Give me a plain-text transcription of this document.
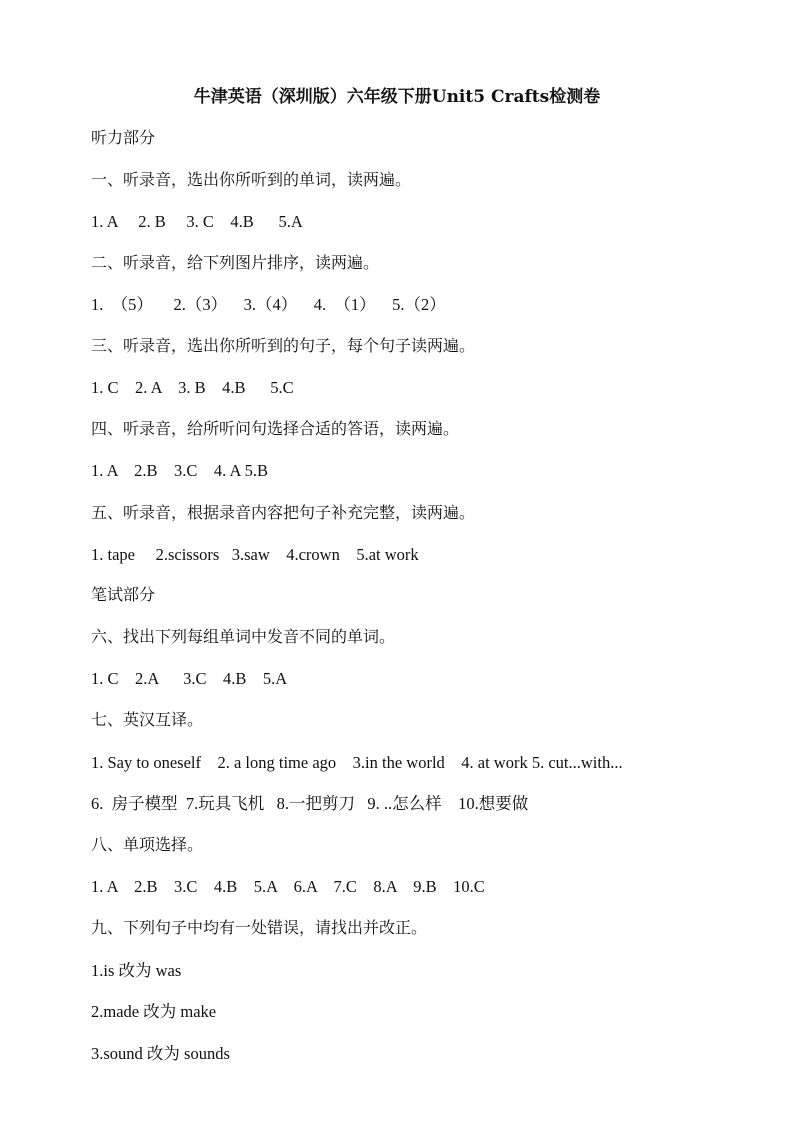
牛津英语（深圳版）六年级下册Unit5 Crafts检测卷
听力部分
一、听录音，选出你所听到的单词，读两遍。
1. A     2. B     3. C    4.B      5.A
二、听录音，给下列图片排序，读两遍。
1.  （5）     2.（3）    3.（4）    4.  （1）    5.（2）
三、听录音，选出你所听到的句子，每个句子读两遍。
1. C    2. A    3. B    4.B      5.C
四、听录音，给所听问句选择合适的答语，读两遍。
1. A    2.B    3.C    4. A 5.B
五、听录音，根据录音内容把句子补充完整，读两遍。
1. tape     2.scissors   3.saw    4.crown    5.at work
笔试部分
六、找出下列每组单词中发音不同的单词。
1. C    2.A      3.C    4.B    5.A
七、英汉互译。
1. Say to oneself    2. a long time ago    3.in the world    4. at work 5. cut...with...
6.  房子模型  7.玩具飞机   8.一把剪刀   9. ..怎么样    10.想要做
八、单项选择。
1. A    2.B    3.C    4.B    5.A    6.A    7.C    8.A    9.B    10.C
九、下列句子中均有一处错误，请找出并改正。
1.is 改为 was
2.made 改为 make
3.sound 改为 sounds
